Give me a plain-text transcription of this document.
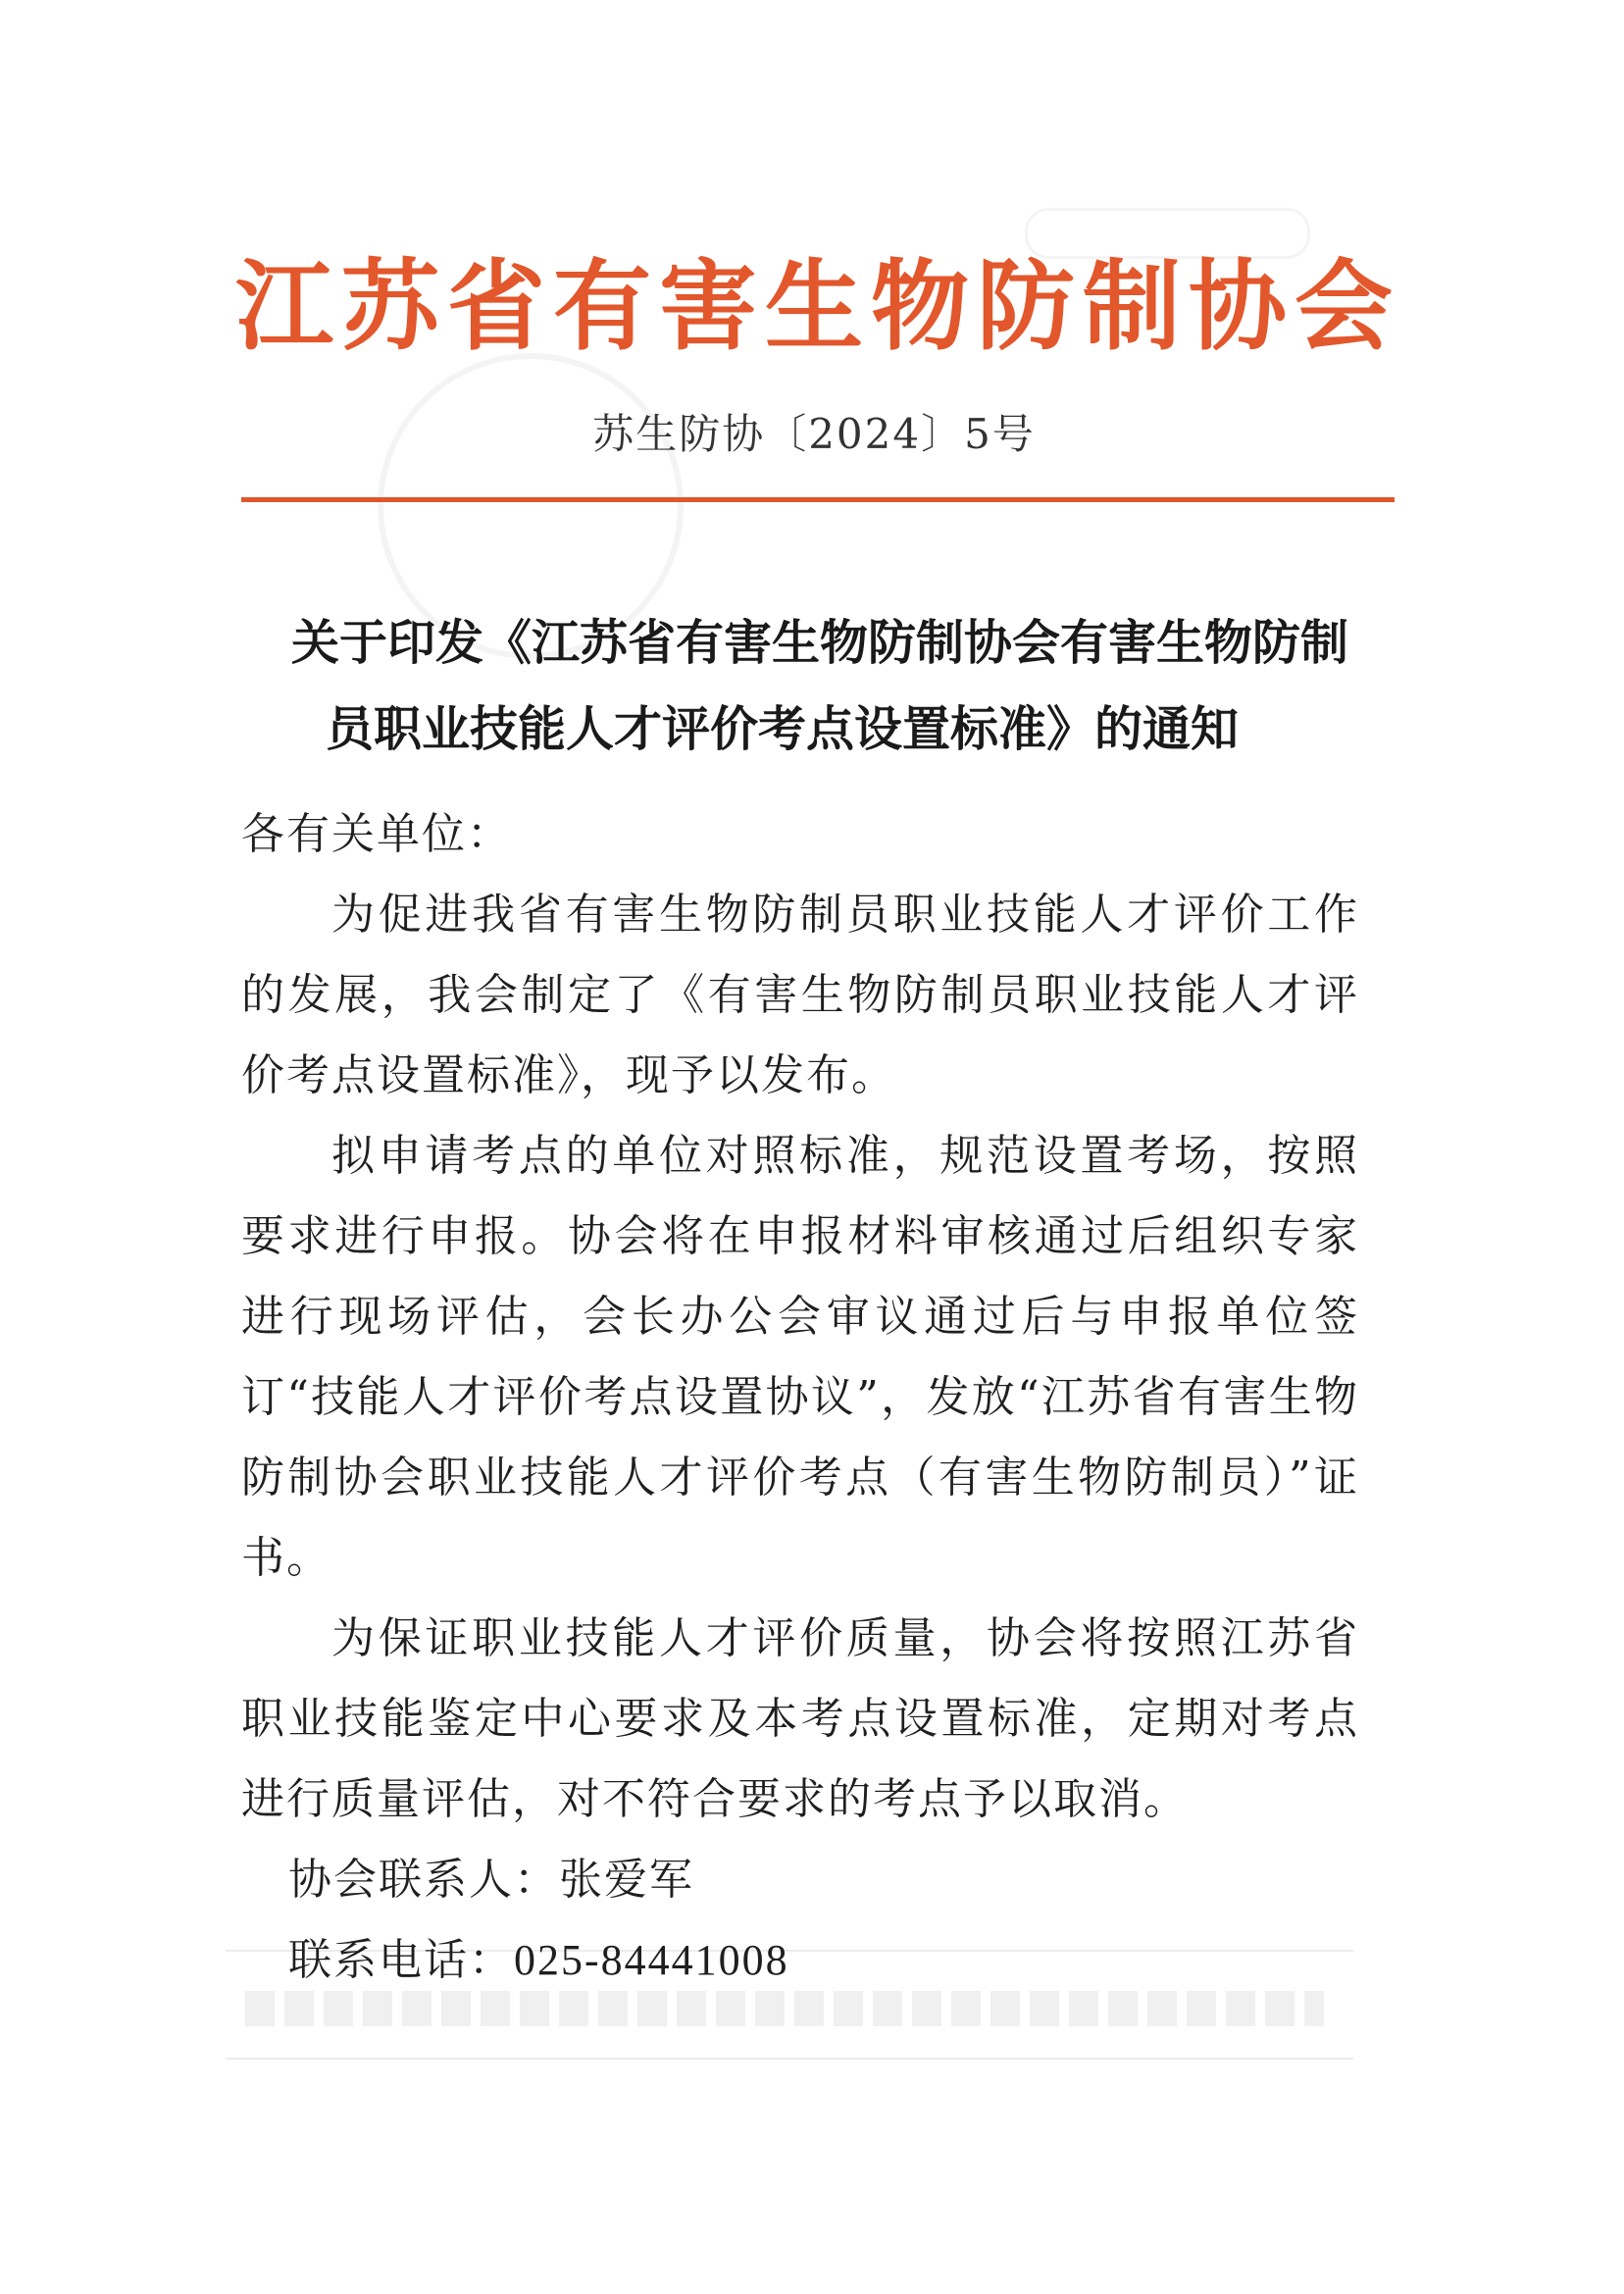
江苏省有害生物防制协会
苏生防协〔2024〕5号
关于印发《江苏省有害生物防制协会有害生物防制
员职业技能人才评价考点设置标准》的通知

各有关单位：

为促进我省有害生物防制员职业技能人才评价工作的发展，我会制定了《有害生物防制员职业技能人才评价考点设置标准》，现予以发布。

拟申请考点的单位对照标准，规范设置考场，按照要求进行申报。协会将在申报材料审核通过后组织专家进行现场评估，会长办公会审议通过后与申报单位签订“技能人才评价考点设置协议”，发放“江苏省有害生物防制协会职业技能人才评价考点（有害生物防制员）”证书。

为保证职业技能人才评价质量，协会将按照江苏省职业技能鉴定中心要求及本考点设置标准，定期对考点进行质量评估，对不符合要求的考点予以取消。

协会联系人：张爱军

联系电话：025-84441008
